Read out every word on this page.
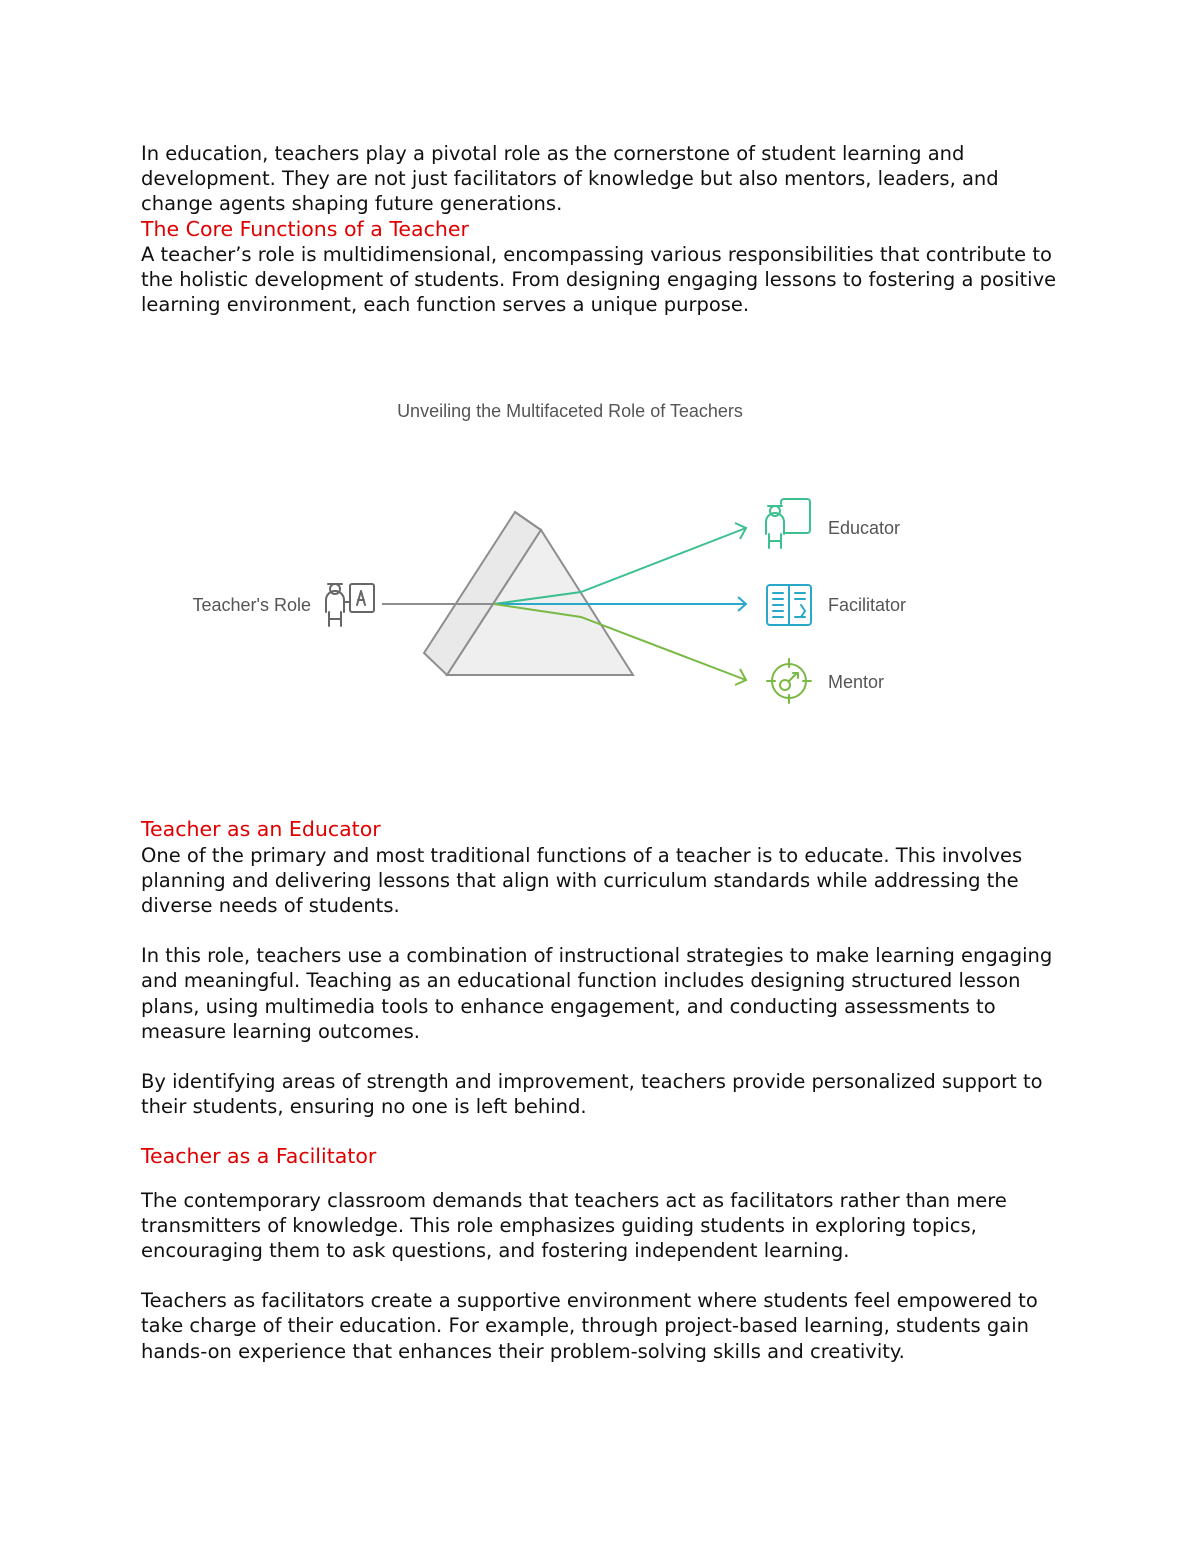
In education, teachers play a pivotal role as the cornerstone of student learning and development. They are not just facilitators of knowledge but also mentors, leaders, and change agents shaping future generations.

The Core Functions of a Teacher

A teacher’s role is multidimensional, encompassing various responsibilities that contribute to the holistic development of students. From designing engaging lessons to fostering a positive learning environment, each function serves a unique purpose.

Unveiling the Multifaceted Role of Teachers
Teacher's Role
Educator
Facilitator
Mentor
Teacher as an Educator

One of the primary and most traditional functions of a teacher is to educate. This involves planning and delivering lessons that align with curriculum standards while addressing the diverse needs of students.

In this role, teachers use a combination of instructional strategies to make learning engaging and meaningful. Teaching as an educational function includes designing structured lesson plans, using multimedia tools to enhance engagement, and conducting assessments to measure learning outcomes.

By identifying areas of strength and improvement, teachers provide personalized support to their students, ensuring no one is left behind.

Teacher as a Facilitator

The contemporary classroom demands that teachers act as facilitators rather than mere transmitters of knowledge. This role emphasizes guiding students in exploring topics, encouraging them to ask questions, and fostering independent learning.

Teachers as facilitators create a supportive environment where students feel empowered to take charge of their education. For example, through project-based learning, students gain hands-on experience that enhances their problem-solving skills and creativity.
